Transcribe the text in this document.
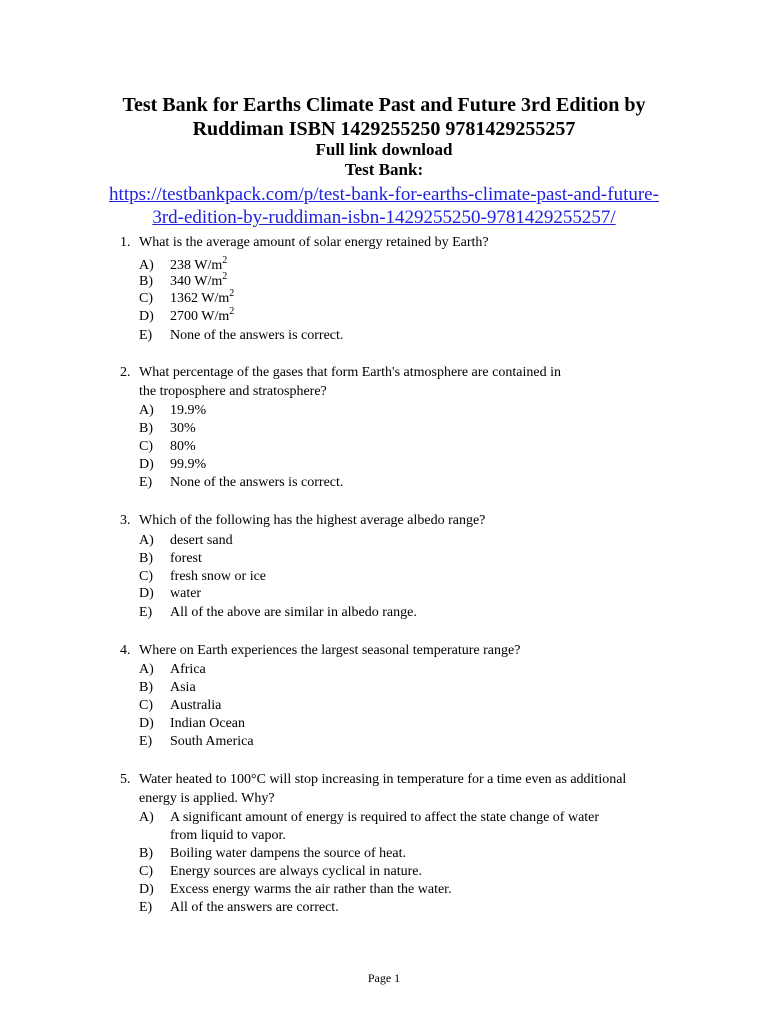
Test Bank for Earths Climate Past and Future 3rd Edition by
Ruddiman ISBN 1429255250 9781429255257
Full link download
Test Bank:
https://testbankpack.com/p/test-bank-for-earths-climate-past-and-future-
3rd-edition-by-ruddiman-isbn-1429255250-9781429255257/
1. What is the average amount of solar energy retained by Earth?
A) 238 $W/m^2$
B) 340 $W/m^2$
C) 1362 $W/m^2$
D) 2700 $W/m^2$
E) None of the answers is correct.
2. What percentage of the gases that form Earth's atmosphere are contained in
the troposphere and stratosphere?
A) 19.9%
B) 30%
C) 80%
D) 99.9%
E) None of the answers is correct.
3. Which of the following has the highest average albedo range?
A) desert sand
B) forest
C) fresh snow or ice
D) water
E) All of the above are similar in albedo range.
4. Where on Earth experiences the largest seasonal temperature range?
A) Africa
B) Asia
C) Australia
D) Indian Ocean
E) South America
5. Water heated to 100°C will stop increasing in temperature for a time even as additional
energy is applied. Why?
A) A significant amount of energy is required to affect the state change of water
from liquid to vapor.
B) Boiling water dampens the source of heat.
C) Energy sources are always cyclical in nature.
D) Excess energy warms the air rather than the water.
E) All of the answers are correct.
Page 1
